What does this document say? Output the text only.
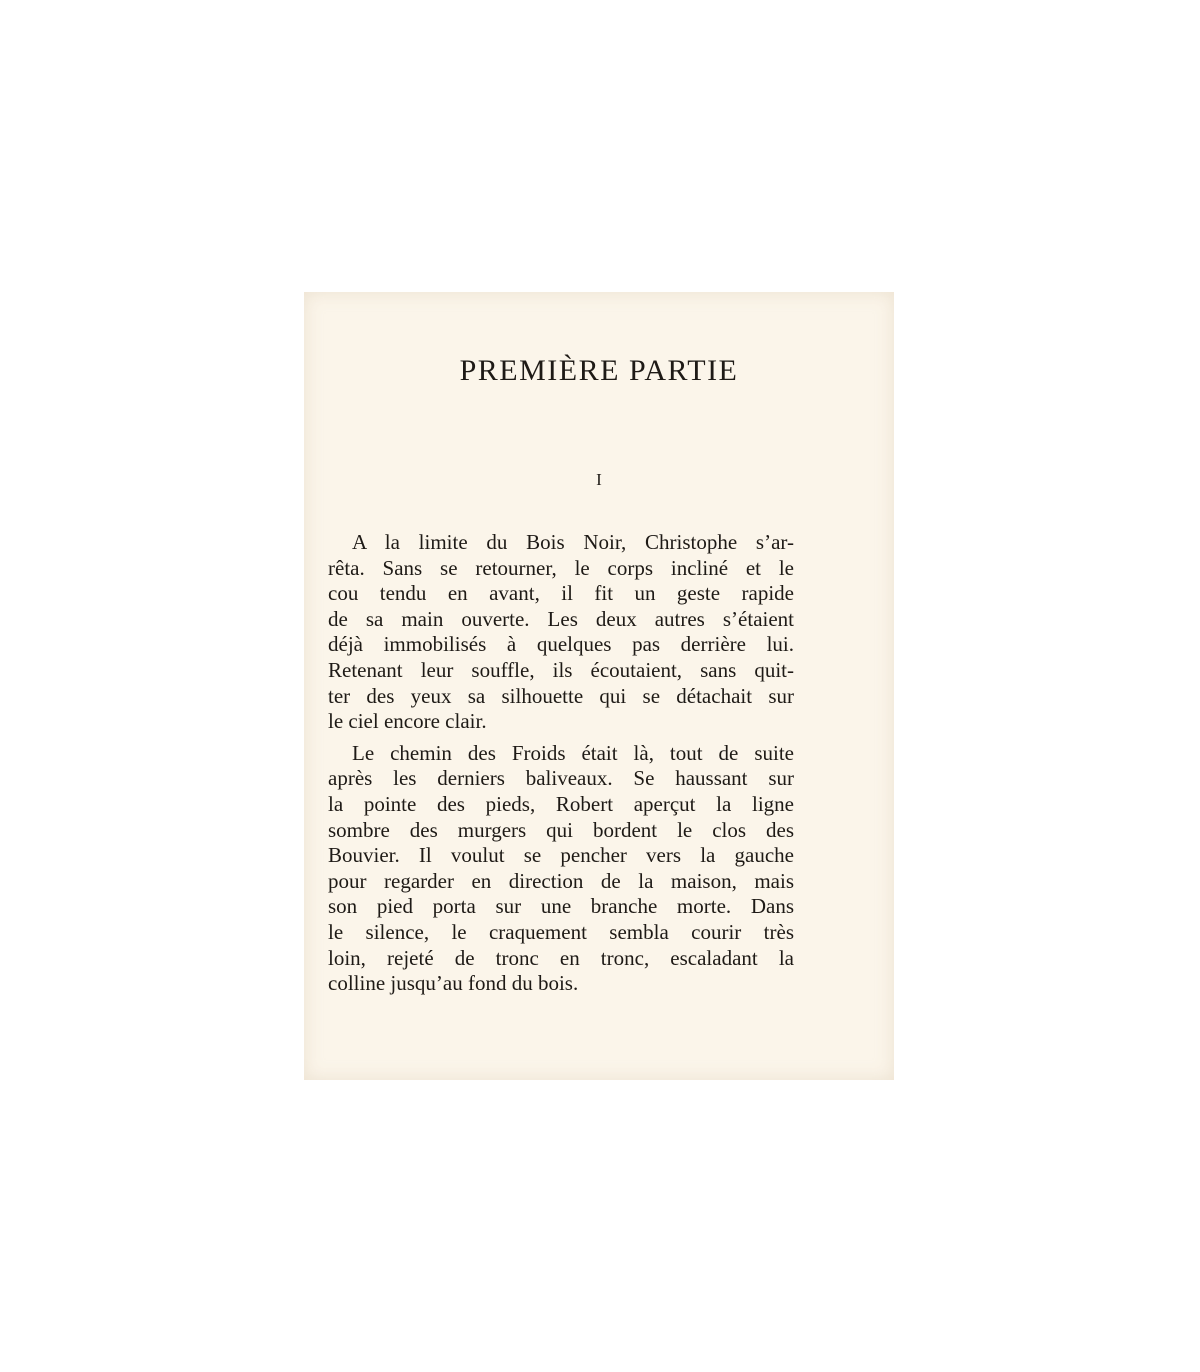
PREMIÈRE PARTIE
I
A la limite du Bois Noir, Christophe s’ar-
rêta. Sans se retourner, le corps incliné et le
cou tendu en avant, il fit un geste rapide
de sa main ouverte. Les deux autres s’étaient
déjà immobilisés à quelques pas derrière lui.
Retenant leur souffle, ils écoutaient, sans quit-
ter des yeux sa silhouette qui se détachait sur
le ciel encore clair.
Le chemin des Froids était là, tout de suite
après les derniers baliveaux. Se haussant sur
la pointe des pieds, Robert aperçut la ligne
sombre des murgers qui bordent le clos des
Bouvier. Il voulut se pencher vers la gauche
pour regarder en direction de la maison, mais
son pied porta sur une branche morte. Dans
le silence, le craquement sembla courir très
loin, rejeté de tronc en tronc, escaladant la
colline jusqu’au fond du bois.
